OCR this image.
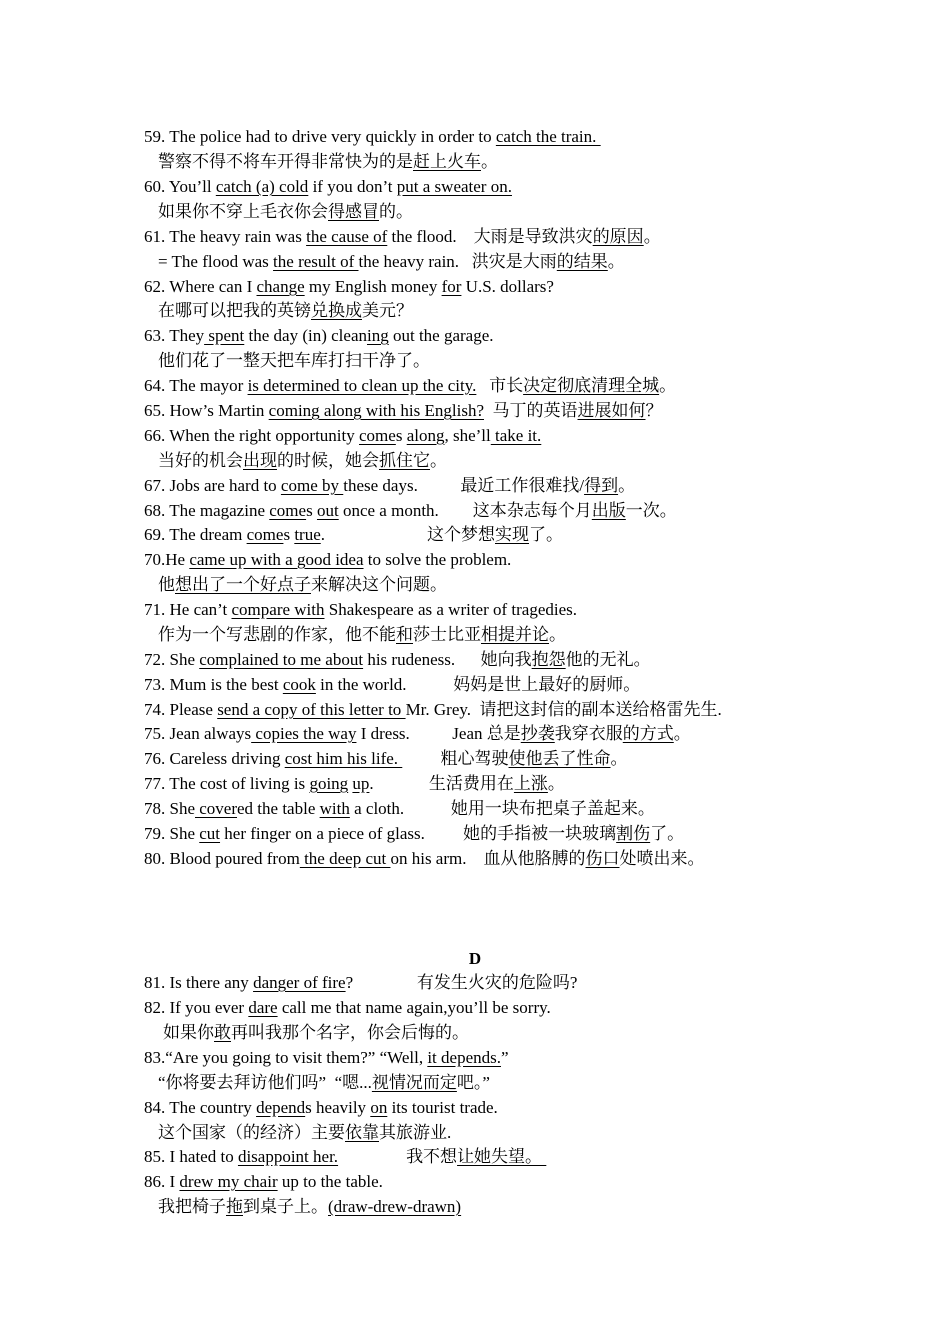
59. The police had to drive very quickly in order to catch the train.
警察不得不将车开得非常快为的是赶上火车。
60. You’ll catch (a) cold if you don’t put a sweater on.
如果你不穿上毛衣你会得感冒的。
61. The heavy rain was the cause of the flood.    大雨是导致洪灾的原因。
= The flood was the result of the heavy rain.   洪灾是大雨的结果。
62. Where can I change my English money for U.S. dollars?
在哪可以把我的英镑兑换成美元？
63. They spent the day (in) cleaning out the garage.
他们花了一整天把车库打扫干净了。
64. The mayor is determined to clean up the city.   市长决定彻底清理全城。
65. How’s Martin coming along with his English?  马丁的英语进展如何？
66. When the right opportunity comes along, she’ll take it.
当好的机会出现的时候，她会抓住它。
67. Jobs are hard to come by these days.          最近工作很难找/得到。
68. The magazine comes out once a month.        这本杂志每个月出版一次。
69. The dream comes true.                        这个梦想实现了。
70.He came up with a good idea to solve the problem.
他想出了一个好点子来解决这个问题。
71. He can’t compare with Shakespeare as a writer of tragedies.
作为一个写悲剧的作家，他不能和莎士比亚相提并论。
72. She complained to me about his rudeness.      她向我抱怨他的无礼。
73. Mum is the best cook in the world.           妈妈是世上最好的厨师。
74. Please send a copy of this letter to Mr. Grey.  请把这封信的副本送给格雷先生.
75. Jean always copies the way I dress.          Jean 总是抄袭我穿衣服的方式。
76. Careless driving cost him his life.          粗心驾驶使他丢了性命。
77. The cost of living is going up.             生活费用在上涨。
78. She covered the table with a cloth.           她用一块布把桌子盖起来。
79. She cut her finger on a piece of glass.         她的手指被一块玻璃割伤了。
80. Blood poured from the deep cut on his arm.    血从他胳膊的伤口处喷出来。
D
81. Is there any danger of fire?               有发生火灾的危险吗?
82. If you ever dare call me that name again,you’ll be sorry.
如果你敢再叫我那个名字，你会后悔的。
83.“Are you going to visit them?” “Well, it depends.”
“你将要去拜访他们吗”  “嗯...视情况而定吧。”
84. The country depends heavily on its tourist trade.
这个国家（的经济）主要依靠其旅游业.
85. I hated to disappoint her.                我不想让她失望。
86. I drew my chair up to the table.
我把椅子拖到桌子上。(draw-drew-drawn)
